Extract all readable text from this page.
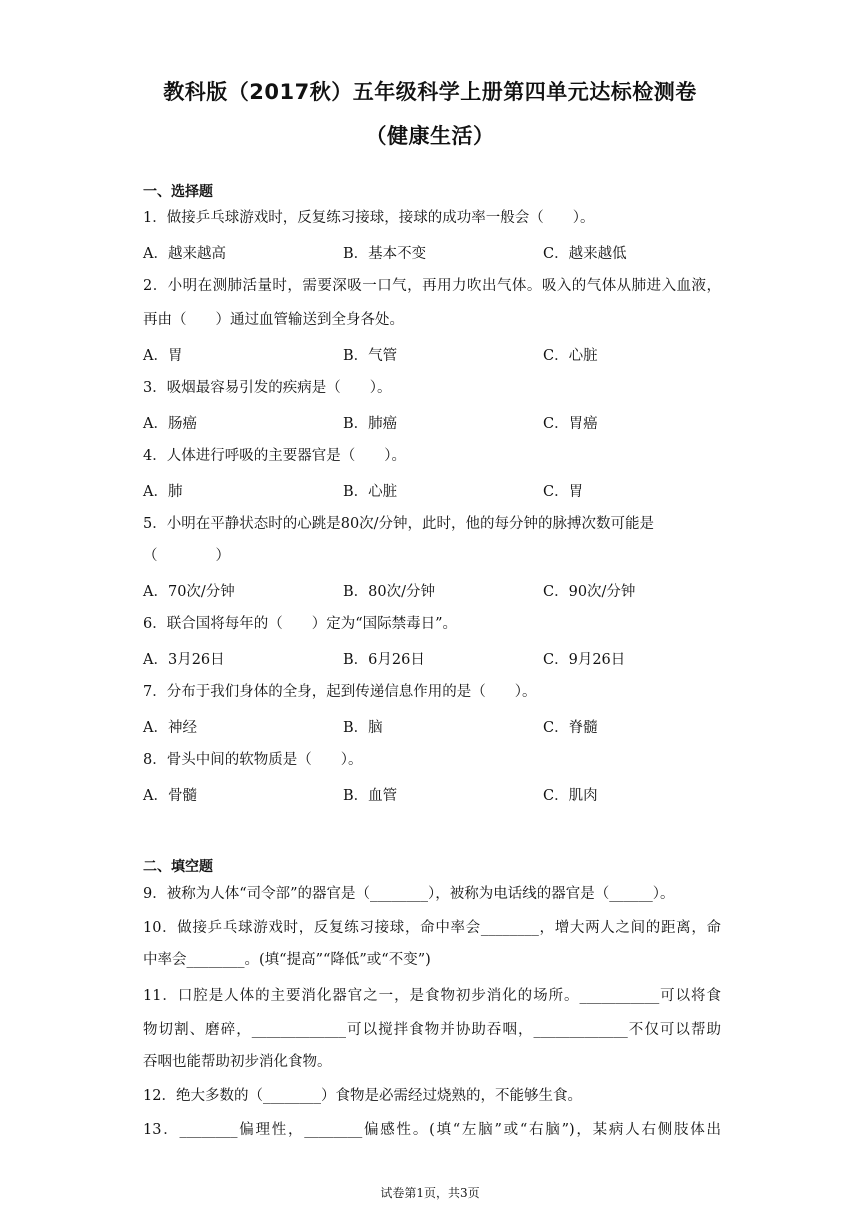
教科版（2017秋）五年级科学上册第四单元达标检测卷
（健康生活）
一、选择题
1．做接乒乓球游戏时，反复练习接球，接球的成功率一般会（　　）。
A．越来越高	B．基本不变	C．越来越低
2．小明在测肺活量时，需要深吸一口气，再用力吹出气体。吸入的气体从肺进入血液，
再由（　　）通过血管输送到全身各处。
A．胃	B．气管	C．心脏
3．吸烟最容易引发的疾病是（　　）。
A．肠癌	B．肺癌	C．胃癌
4．人体进行呼吸的主要器官是（　　）。
A．肺	B．心脏	C．胃
5．小明在平静状态时的心跳是80次/分钟，此时，他的每分钟的脉搏次数可能是
（　　　　）
A．70次/分钟	B．80次/分钟	C．90次/分钟
6．联合国将每年的（　　）定为“国际禁毒日”。
A．3月26日	B．6月26日	C．9月26日
7．分布于我们身体的全身，起到传递信息作用的是（　　）。
A．神经	B．脑	C．脊髓
8．骨头中间的软物质是（　　）。
A．骨髓	B．血管	C．肌肉
二、填空题
9．被称为人体“司令部”的器官是（________），被称为电话线的器官是（______）。
10．做接乒乓球游戏时，反复练习接球，命中率会________，增大两人之间的距离，命
中率会________。(填“提高”“降低”或“不变”)
11．口腔是人体的主要消化器官之一，是食物初步消化的场所。___________可以将食
物切割、磨碎，_____________可以搅拌食物并协助吞咽，_____________不仅可以帮助
吞咽也能帮助初步消化食物。
12．绝大多数的（________）食物是必需经过烧熟的，不能够生食。
13．________偏理性，________偏感性。(填“左脑”或“右脑”)，某病人右侧肢体出
试卷第1页，共3页
